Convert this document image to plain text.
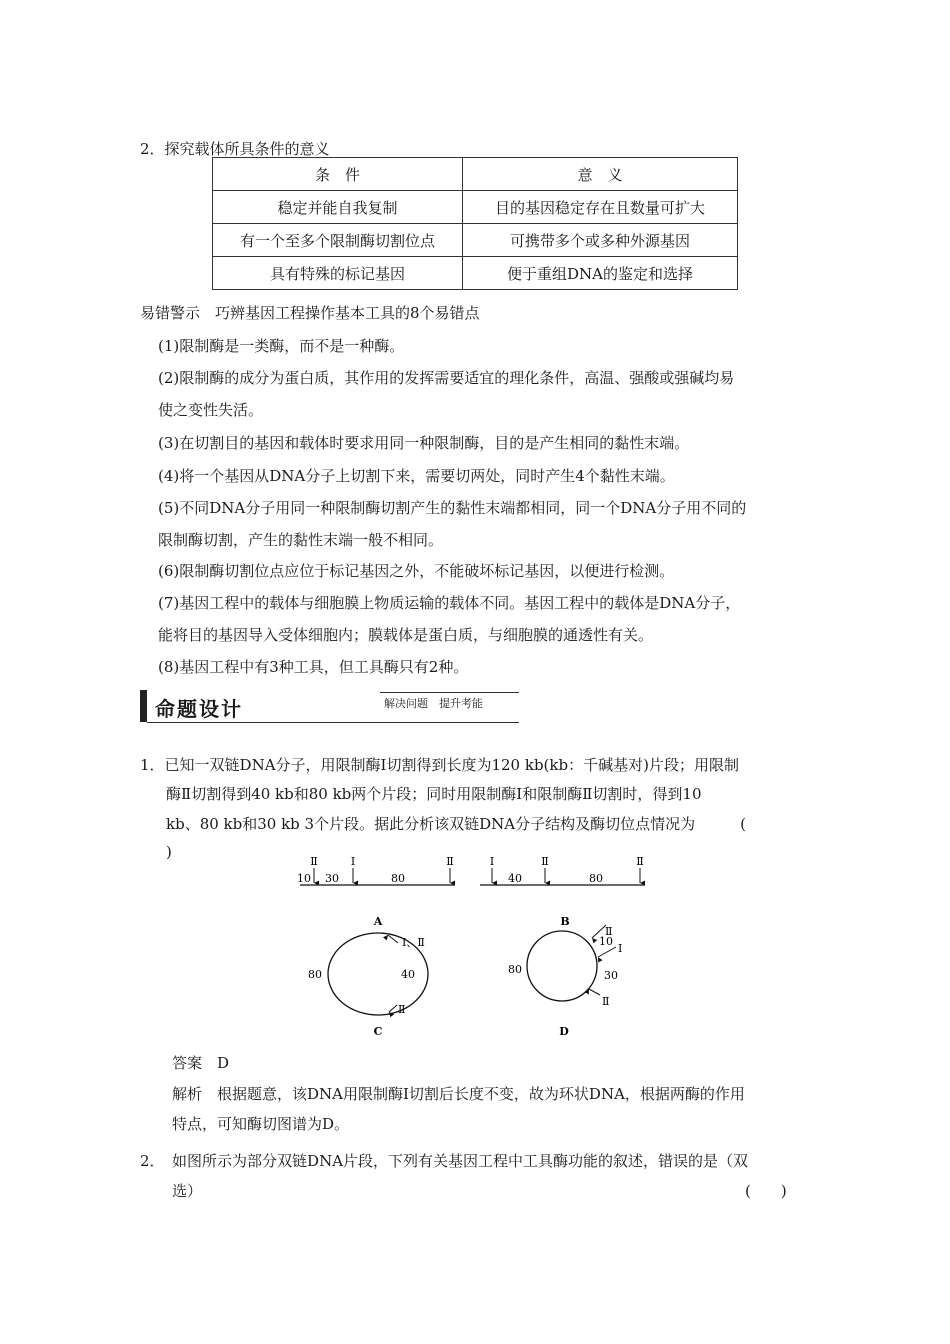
2．探究载体所具条件的意义
条　件	意　义
稳定并能自我复制	目的基因稳定存在且数量可扩大
有一个至多个限制酶切割位点	可携带多个或多种外源基因
具有特殊的标记基因	便于重组DNA的鉴定和选择
易错警示　巧辨基因工程操作基本工具的8个易错点
(1)限制酶是一类酶，而不是一种酶。
(2)限制酶的成分为蛋白质，其作用的发挥需要适宜的理化条件，高温、强酸或强碱均易
使之变性失活。
(3)在切割目的基因和载体时要求用同一种限制酶，目的是产生相同的黏性末端。
(4)将一个基因从DNA分子上切割下来，需要切两处，同时产生4个黏性末端。
(5)不同DNA分子用同一种限制酶切割产生的黏性末端都相同，同一个DNA分子用不同的
限制酶切割，产生的黏性末端一般不相同。
(6)限制酶切割位点应位于标记基因之外，不能破坏标记基因，以便进行检测。
(7)基因工程中的载体与细胞膜上物质运输的载体不同。基因工程中的载体是DNA分子，
能将目的基因导入受体细胞内；膜载体是蛋白质，与细胞膜的通透性有关。
(8)基因工程中有3种工具，但工具酶只有2种。
命题设计	解决问题　提升考能
1．已知一双链DNA分子，用限制酶Ⅰ切割得到长度为120 kb(kb：千碱基对)片段；用限制
酶Ⅱ切割得到40 kb和80 kb两个片段；同时用限制酶Ⅰ和限制酶Ⅱ切割时，得到10
kb、80 kb和30 kb 3个片段。据此分析该双链DNA分子结构及酶切位点情况为　　　(
)
Ⅱ	Ⅰ	Ⅱ
10 30	80
A
Ⅰ	Ⅱ	Ⅱ
40	80
B
80	40
Ⅰ、Ⅱ
Ⅱ
C
80
Ⅱ
10
Ⅰ
30
Ⅱ
D
答案　D
解析　根据题意，该DNA用限制酶Ⅰ切割后长度不变，故为环状DNA，根据两酶的作用
特点，可知酶切图谱为D。
2．　如图所示为部分双链DNA片段，下列有关基因工程中工具酶功能的叙述，错误的是（双
选）	(　　)
